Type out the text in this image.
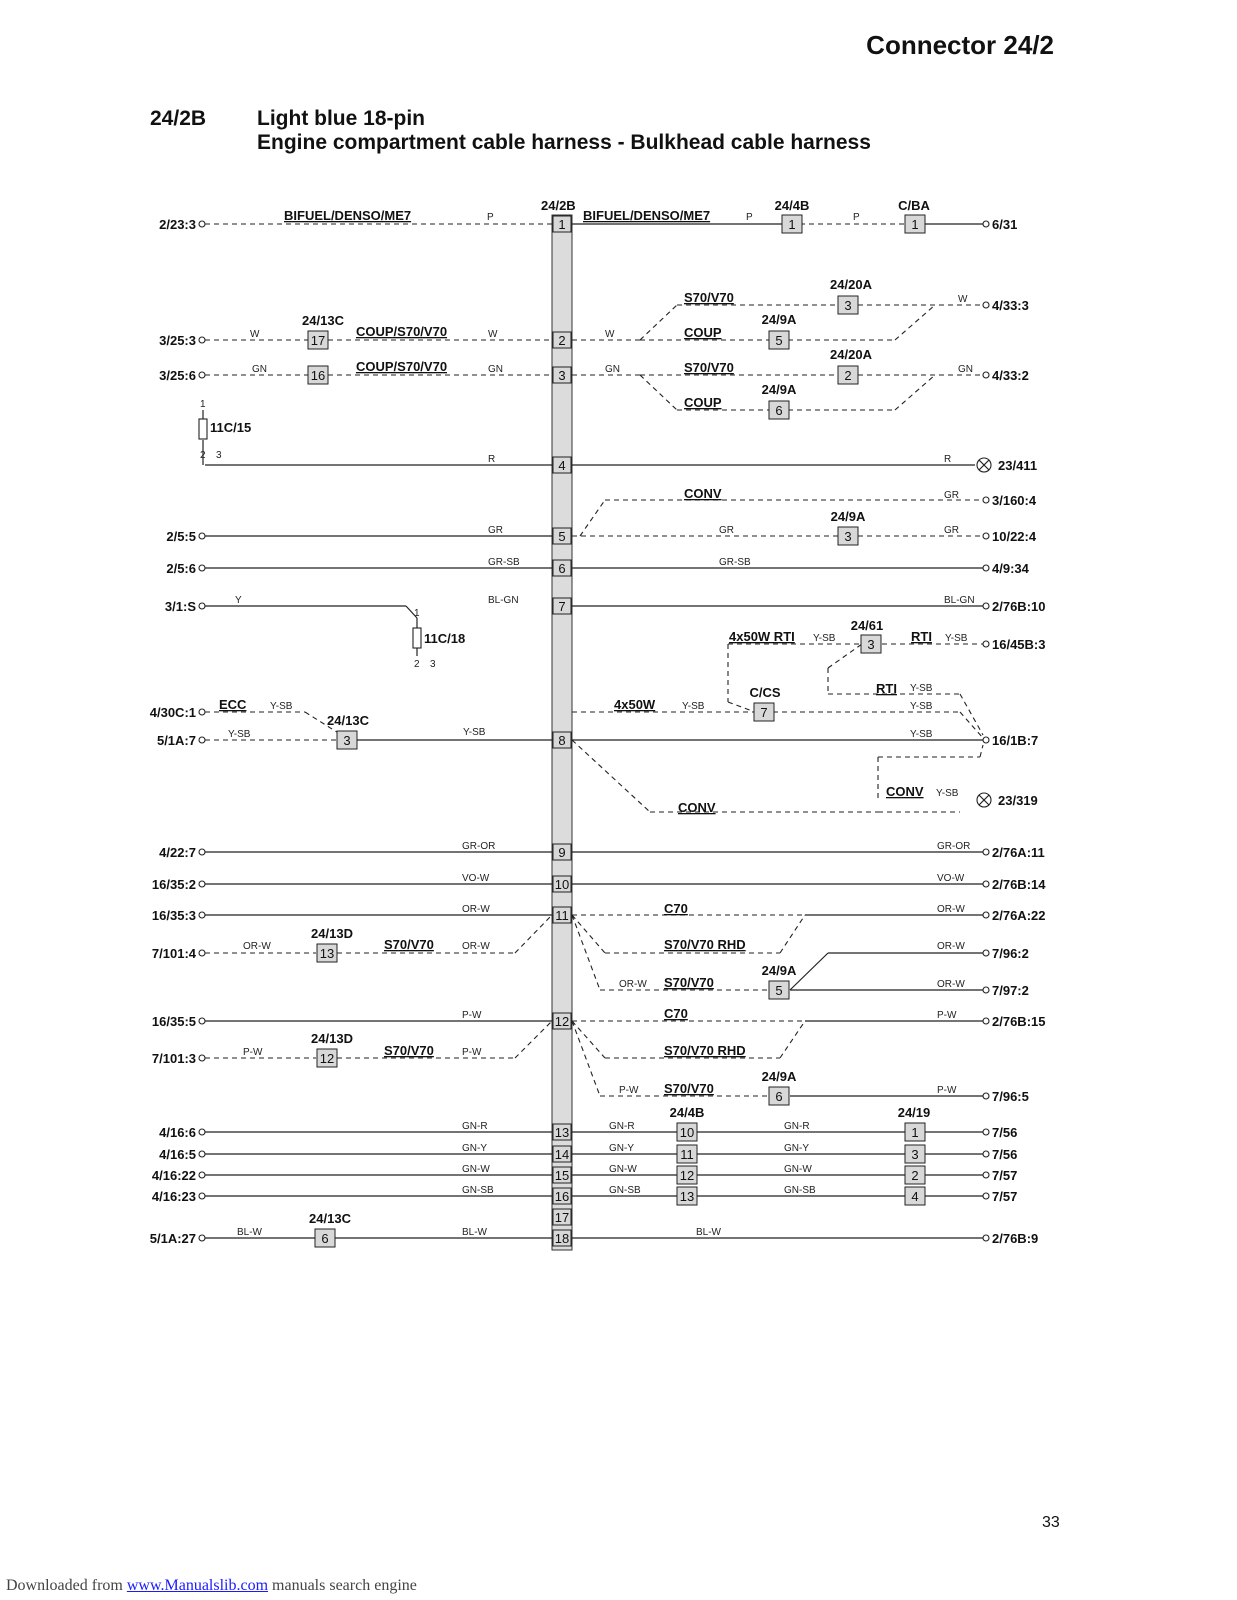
Connector 24/2
24/2B Light blue 18-pin
Engine compartment cable harness - Bulkhead cable harness
24/2B
1
2
3
4
5
6
7
8
9
10
11
12
13
14
15
16
17
18
1	1
3
5
2
6
17
16
3
3
7
3
13
5
12
6
10
11
12
13
1
3
2
4
6
2/23:3
3/25:3
3/25:6
2/5:5
2/5:6
3/1:S
4/30C:1
5/1A:7
4/22:7
16/35:2
16/35:3
7/101:4
16/35:5
7/101:3
4/16:6
4/16:5
4/16:22
4/16:23
5/1A:27
6/31
4/33:3
4/33:2
23/411
3/160:4
10/22:4
4/9:34
2/76B:10
16/45B:3
16/1B:7
23/319
2/76A:11
2/76B:14
2/76A:22
7/96:2
7/97:2
2/76B:15
7/96:5
7/56
7/56
7/57
7/57
2/76B:9
24/4B	C/BA
24/20A
24/9A
24/20A
24/9A
24/13C
11C/15
24/9A
11C/18
24/61
C/CS
24/13C
24/13D
24/9A
24/13D
24/9A
24/4B	24/19
24/13C
BIFUEL/DENSO/ME7	BIFUEL/DENSO/ME7
S70/V70
COUP
S70/V70
COUP
COUP/S70/V70
COUP/S70/V70
CONV
4x50W RTI	RTI
RTI
4x50W
ECC
CONV
CONV
C70
S70/V70 RHD
S70/V70
S70/V70
C70
S70/V70 RHD
S70/V70
S70/V70
P	P	P
W	W	W
W
GN	GN	GN	GN
R	R
GR	GR
GR
GR
GR-SB	GR-SB
Y	BL-GN	BL-GN
Y-SB	Y-SB
Y-SB	Y-SB
Y-SB
Y-SB
Y-SB	Y-SB	Y-SB
Y-SB
GR-OR	GR-OR
VO-W	VO-W
OR-W	OR-W
OR-W	OR-W	OR-W
OR-W	OR-W
P-W	P-W
P-W	P-W
P-W	P-W
GN-R	GN-R	GN-R
GN-Y	GN-Y	GN-Y
GN-W	GN-W	GN-W
GN-SB	GN-SB	GN-SB
BL-W	BL-W	BL-W
1
2 3
1
2 3
33
Downloaded from www.Manualslib.com manuals search engine
